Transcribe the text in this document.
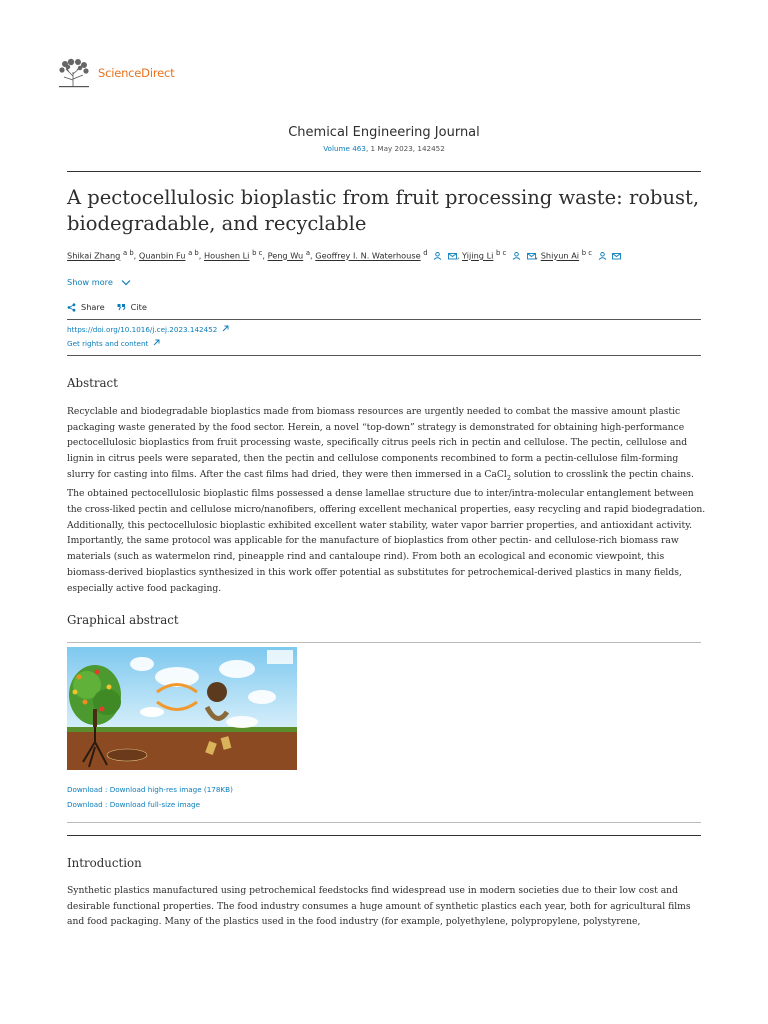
ScienceDirect
Chemical Engineering Journal
Volume 463, 1 May 2023, 142452
A pectocellulosic bioplastic from fruit processing waste: robust, biodegradable, and recyclable
Shikai Zhang $^{a b}$, Quanbin Fu $^{a b}$, Houshen Li $^{b c}$, Peng Wu $^a$, Geoffrey I. N. Waterhouse $^d$	, Yijing Li $^{b c}$	, Shiyun Ai $^{b c}$
Show more
Share	Cite
https://doi.org/10.1016/j.cej.2023.142452
Get rights and content
Abstract
Recyclable and biodegradable bioplastics made from biomass resources are urgently needed to combat the massive amount plastic packaging waste generated by the food sector. Herein, a novel “top-down” strategy is demonstrated for obtaining high-performance pectocellulosic bioplastics from fruit processing waste, specifically citrus peels rich in pectin and cellulose. The pectin, cellulose and lignin in citrus peels were separated, then the pectin and cellulose components recombined to form a pectin-cellulose film-forming slurry for casting into films. After the cast films had dried, they were then immersed in a CaCl$_2$ solution to crosslink the pectin chains. The obtained pectocellulosic bioplastic films possessed a dense lamellae structure due to inter/intra-molecular entanglement between the cross-liked pectin and cellulose micro/nanofibers, offering excellent mechanical properties, easy recycling and rapid biodegradation. Additionally, this pectocellulosic bioplastic exhibited excellent water stability, water vapor barrier properties, and antioxidant activity. Importantly, the same protocol was applicable for the manufacture of bioplastics from other pectin- and cellulose-rich biomass raw materials (such as watermelon rind, pineapple rind and cantaloupe rind). From both an ecological and economic viewpoint, this biomass-derived bioplastics synthesized in this work offer potential as substitutes for petrochemical-derived plastics in many fields, especially active food packaging.
Graphical abstract
Download : Download high-res image (178KB)
Download : Download full-size image
Introduction
Synthetic plastics manufactured using petrochemical feedstocks find widespread use in modern societies due to their low cost and desirable functional properties. The food industry consumes a huge amount of synthetic plastics each year, both for agricultural films and food packaging. Many of the plastics used in the food industry (for example, polyethylene, polypropylene, polystyrene,
